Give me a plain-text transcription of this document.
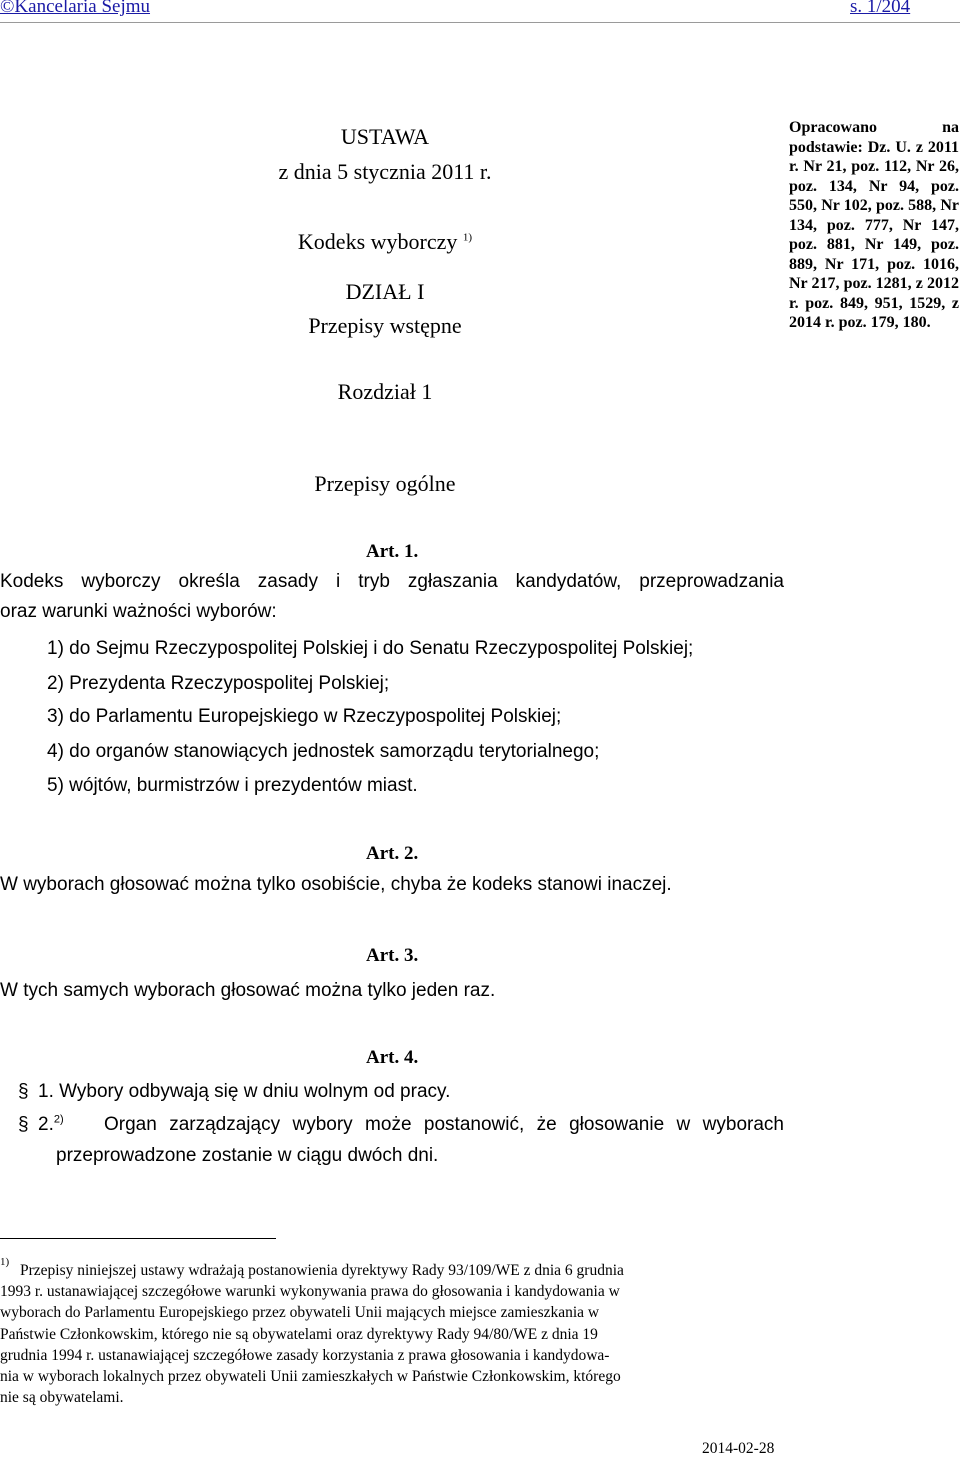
©Kancelaria Sejmu	s. 1/204
USTAWA
z dnia 5 stycznia 2011 r.
Kodeks wyborczy $^{1)}$
DZIAŁ I
Przepisy wstępne
Rozdział 1
Przepisy ogólne
Opracowano na podstawie: Dz. U. z 2011 r. Nr 21, poz. 112, Nr 26, poz. 134, Nr 94, poz. 550, Nr 102, poz. 588, Nr 134, poz. 777, Nr 147, poz. 881, Nr 149, poz. 889, Nr 171, poz. 1016, Nr 217, poz. 1281, z 2012 r. poz. 849, 951, 1529, z 2014 r. poz. 179, 180.
Art. 1.
Kodeks wyborczy określa zasady i tryb zgłaszania kandydatów, przeprowadzania
oraz warunki ważności wyborów:
1) do Sejmu Rzeczypospolitej Polskiej i do Senatu Rzeczypospolitej Polskiej;
2) Prezydenta Rzeczypospolitej Polskiej;
3) do Parlamentu Europejskiego w Rzeczypospolitej Polskiej;
4) do organów stanowiących jednostek samorządu terytorialnego;
5) wójtów, burmistrzów i prezydentów miast.
Art. 2.
W wyborach głosować można tylko osobiście, chyba że kodeks stanowi inaczej.
Art. 3.
W tych samych wyborach głosować można tylko jeden raz.
Art. 4.
§ 1. Wybory odbywają się w dniu wolnym od pracy.
§ 2.$^{2)}$ Organ zarządzający wybory może postanowić, że głosowanie w wyborach
przeprowadzone zostanie w ciągu dwóch dni.
1) Przepisy niniejszej ustawy wdrażają postanowienia dyrektywy Rady 93/109/WE z dnia 6 grudnia

1993 r. ustanawiającej szczegółowe warunki wykonywania prawa do głosowania i kandydowania w

wyborach do Parlamentu Europejskiego przez obywateli Unii mających miejsce zamieszkania w

Państwie Członkowskim, którego nie są obywatelami oraz dyrektywy Rady 94/80/WE z dnia 19

grudnia 1994 r. ustanawiającej szczegółowe zasady korzystania z prawa głosowania i kandydowa-

nia w wyborach lokalnych przez obywateli Unii zamieszkałych w Państwie Członkowskim, którego

nie są obywatelami.

2014-02-28
